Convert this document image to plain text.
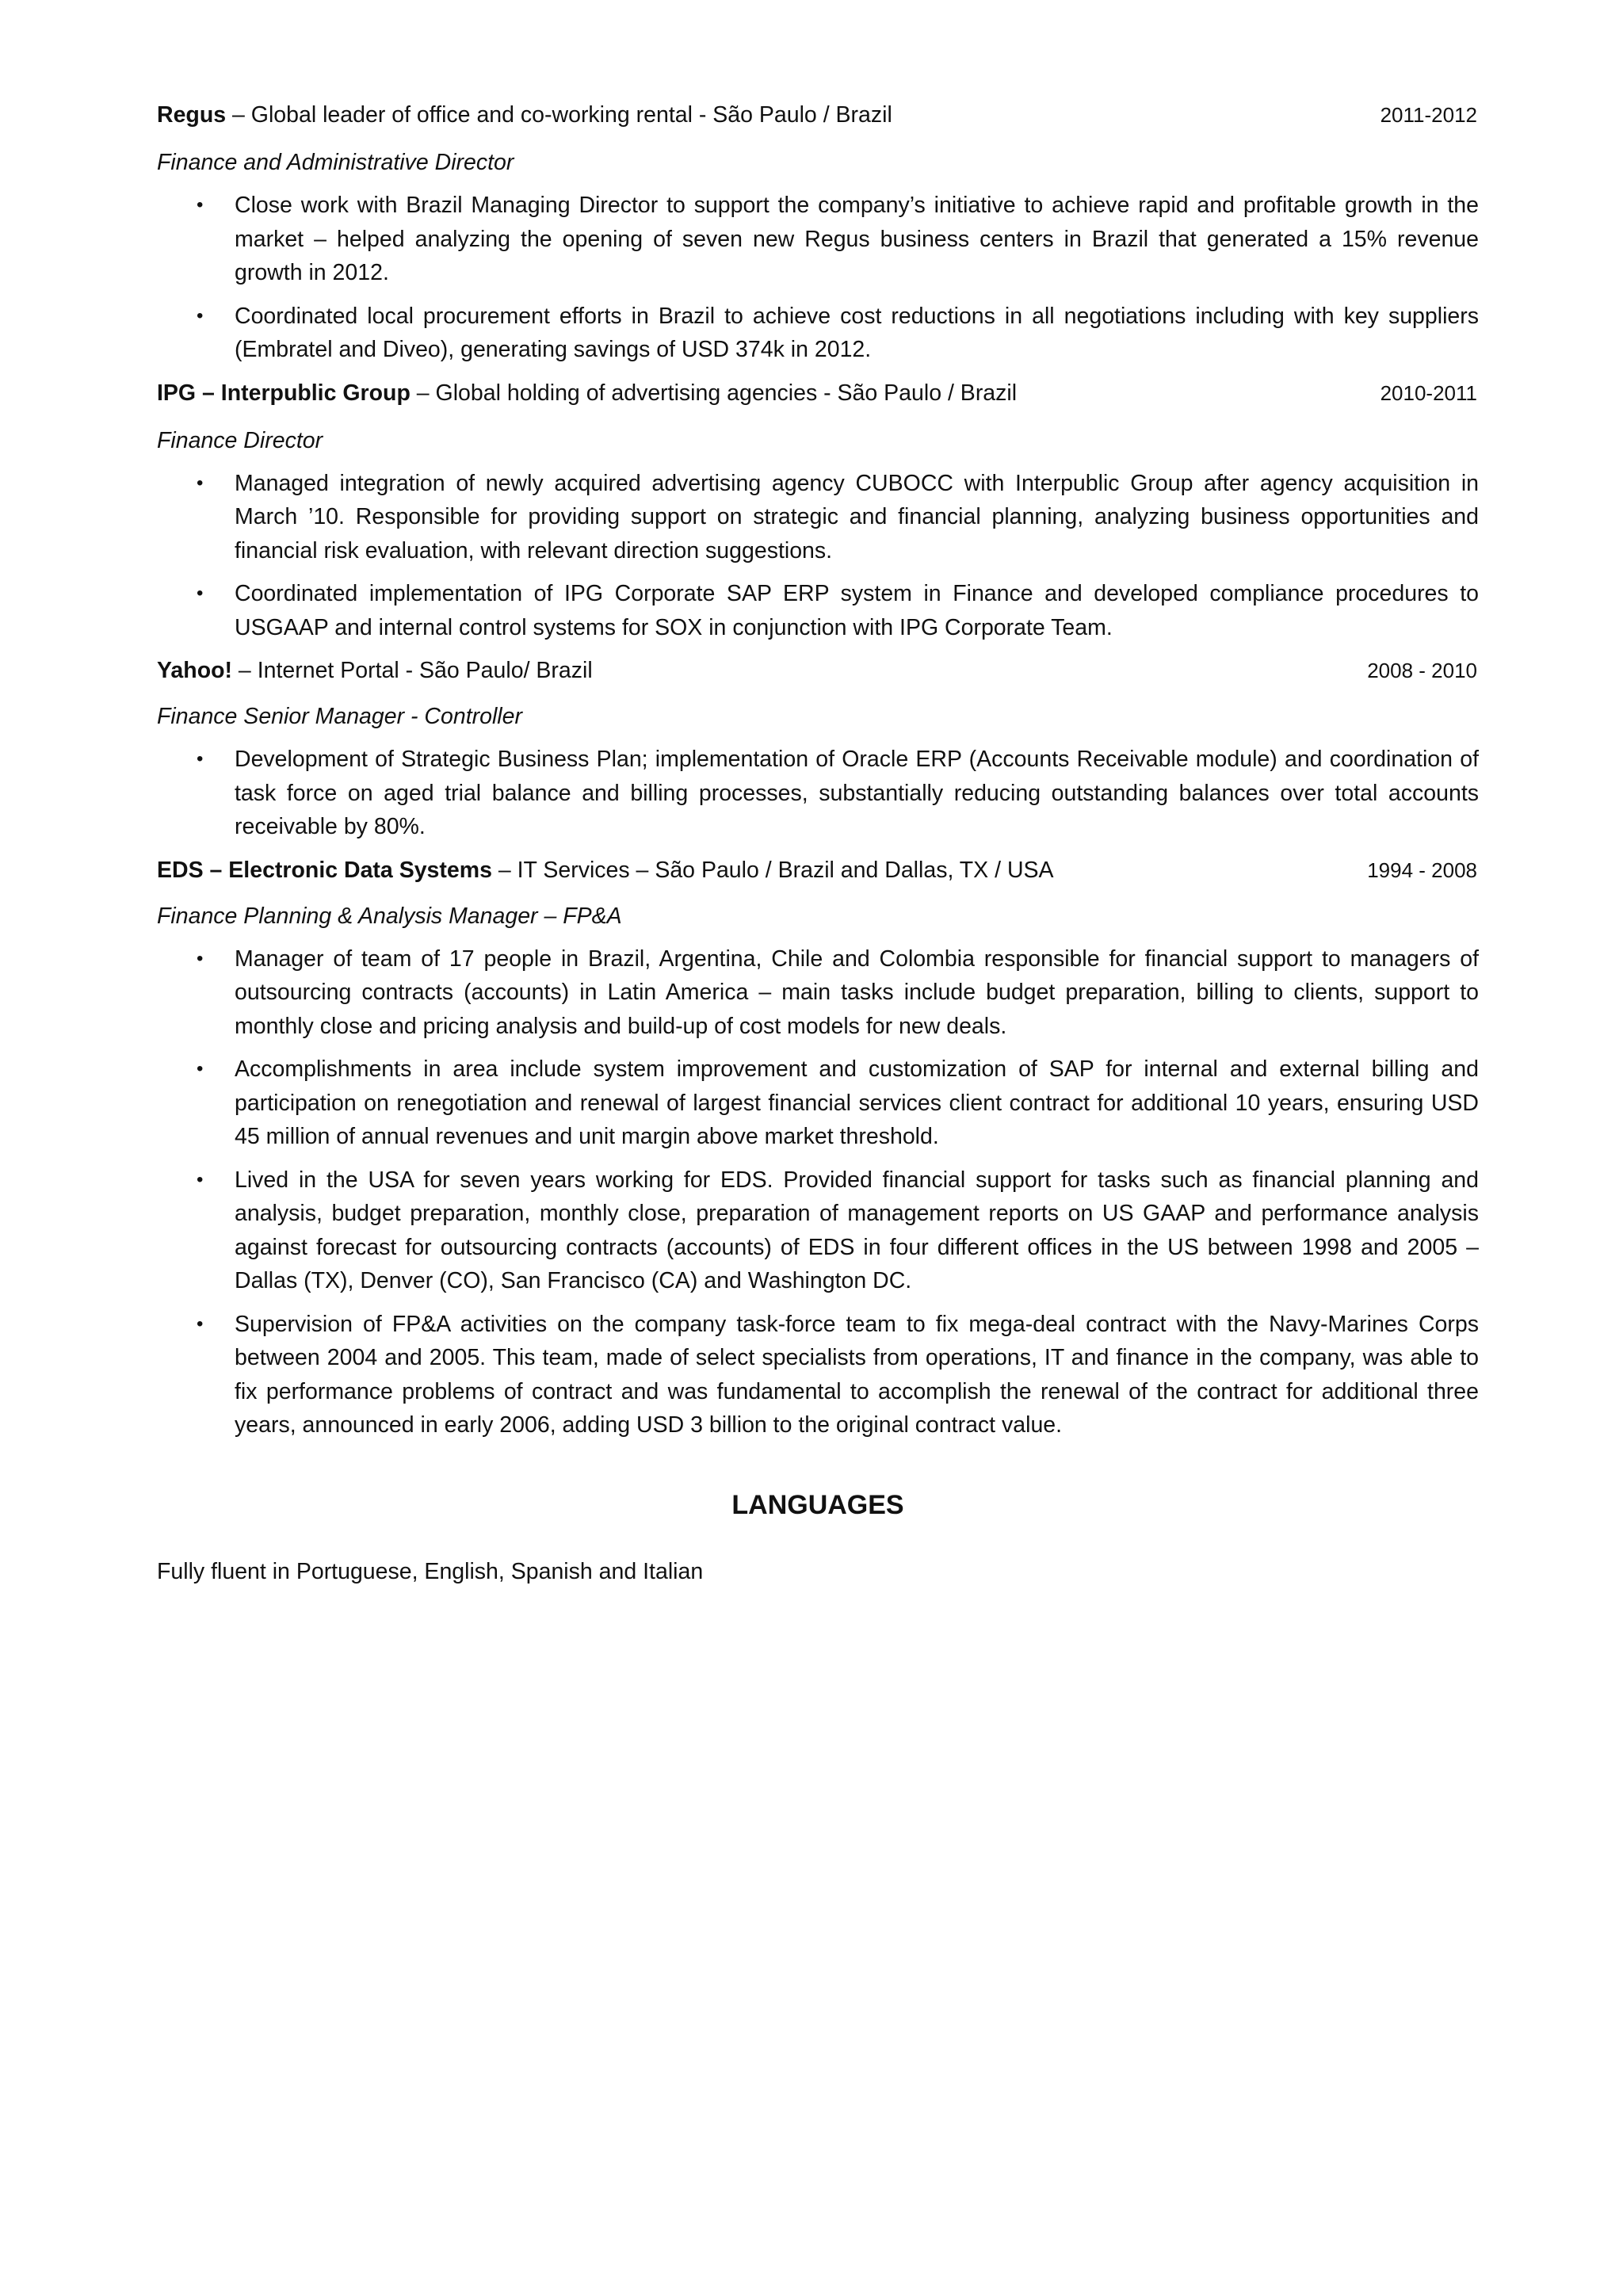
Regus – Global leader of office and co-working rental - São Paulo / Brazil	2011-2012
Finance and Administrative Director
• Close work with Brazil Managing Director to support the company’s initiative to achieve rapid and profitable growth in the market – helped analyzing the opening of seven new Regus business centers in Brazil that generated a 15% revenue growth in 2012.
• Coordinated local procurement efforts in Brazil to achieve cost reductions in all negotiations including with key suppliers (Embratel and Diveo), generating savings of USD 374k in 2012.
IPG – Interpublic Group – Global holding of advertising agencies - São Paulo / Brazil	2010-2011
Finance Director
• Managed integration of newly acquired advertising agency CUBOCC with Interpublic Group after agency acquisition in March ’10. Responsible for providing support on strategic and financial planning, analyzing business opportunities and financial risk evaluation, with relevant direction suggestions.
• Coordinated implementation of IPG Corporate SAP ERP system in Finance and developed compliance procedures to USGAAP and internal control systems for SOX in conjunction with IPG Corporate Team.
Yahoo! – Internet Portal - São Paulo/ Brazil	2008 - 2010
Finance Senior Manager - Controller
• Development of Strategic Business Plan; implementation of Oracle ERP (Accounts Receivable module) and coordination of task force on aged trial balance and billing processes, substantially reducing outstanding balances over total accounts receivable by 80%.
EDS – Electronic Data Systems – IT Services – São Paulo / Brazil and Dallas, TX / USA	1994 - 2008
Finance Planning & Analysis Manager – FP&A
• Manager of team of 17 people in Brazil, Argentina, Chile and Colombia responsible for financial support to managers of outsourcing contracts (accounts) in Latin America – main tasks include budget preparation, billing to clients, support to monthly close and pricing analysis and build-up of cost models for new deals.
• Accomplishments in area include system improvement and customization of SAP for internal and external billing and participation on renegotiation and renewal of largest financial services client contract for additional 10 years, ensuring USD 45 million of annual revenues and unit margin above market threshold.
• Lived in the USA for seven years working for EDS. Provided financial support for tasks such as financial planning and analysis, budget preparation, monthly close, preparation of management reports on US GAAP and performance analysis against forecast for outsourcing contracts (accounts) of EDS in four different offices in the US between 1998 and 2005 – Dallas (TX), Denver (CO), San Francisco (CA) and Washington DC.
• Supervision of FP&A activities on the company task-force team to fix mega-deal contract with the Navy-Marines Corps between 2004 and 2005. This team, made of select specialists from operations, IT and finance in the company, was able to fix performance problems of contract and was fundamental to accomplish the renewal of the contract for additional three years, announced in early 2006, adding USD 3 billion to the original contract value.
LANGUAGES
Fully fluent in Portuguese, English, Spanish and Italian
